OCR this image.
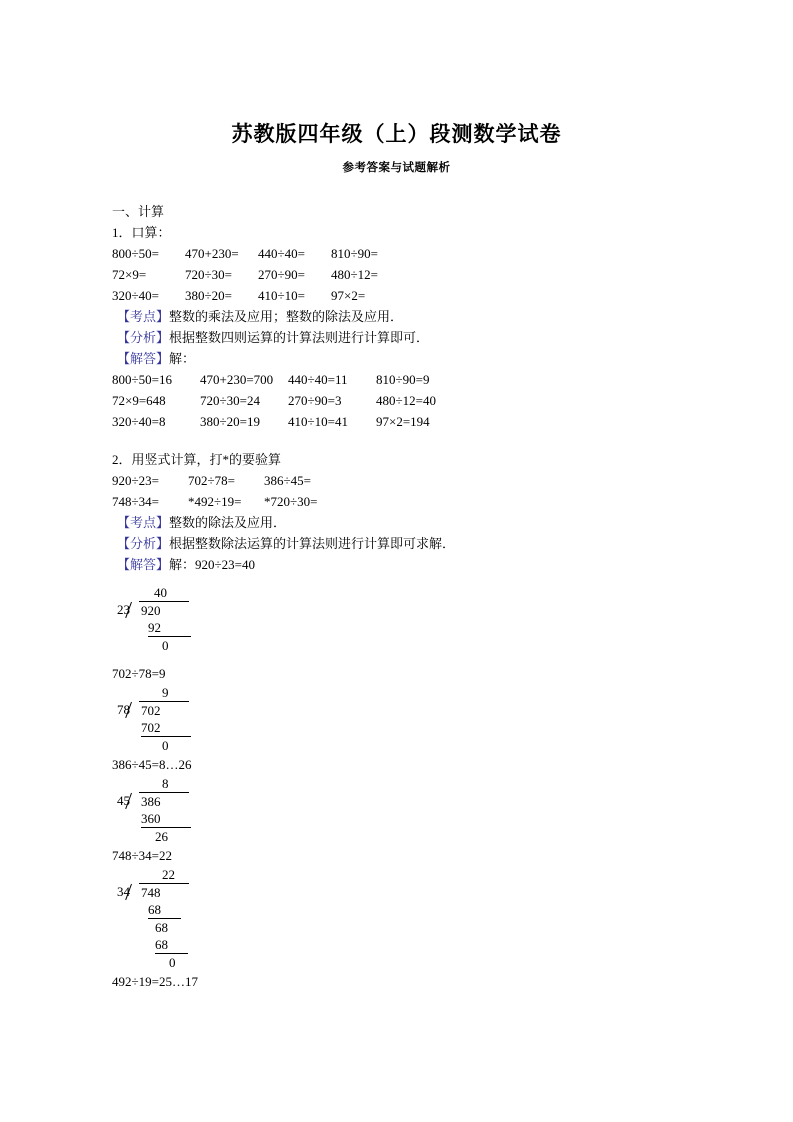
苏教版四年级（上）段测数学试卷
参考答案与试题解析

一、计算

1．口算：

800÷50=	470+230=	440÷40=	810÷90=
72×9=	720÷30=	270÷90=	480÷12=
320÷40=	380÷20=	410÷10=	97×2=

【考点】整数的乘法及应用；整数的除法及应用．

【分析】根据整数四则运算的计算法则进行计算即可．

【解答】解：

800÷50=16	470+230=700	440÷40=11	810÷90=9
72×9=648	720÷30=24	270÷90=3	480÷12=40
320÷40=8	380÷20=19	410÷10=41	97×2=194

2．用竖式计算，打*的要验算

920÷23=	702÷78=	386÷45=
748÷34=	*492÷19=	*720÷30=

【考点】整数的除法及应用．

【分析】根据整数除法运算的计算法则进行计算即可求解．

【解答】解：920÷23=40

40
23 920
92
0

702÷78=9

9
78 702
702
0

386÷45=8…26

8
45 386
360
26

748÷34=22

22
34 748
68
68
68
0

492÷19=25…17
